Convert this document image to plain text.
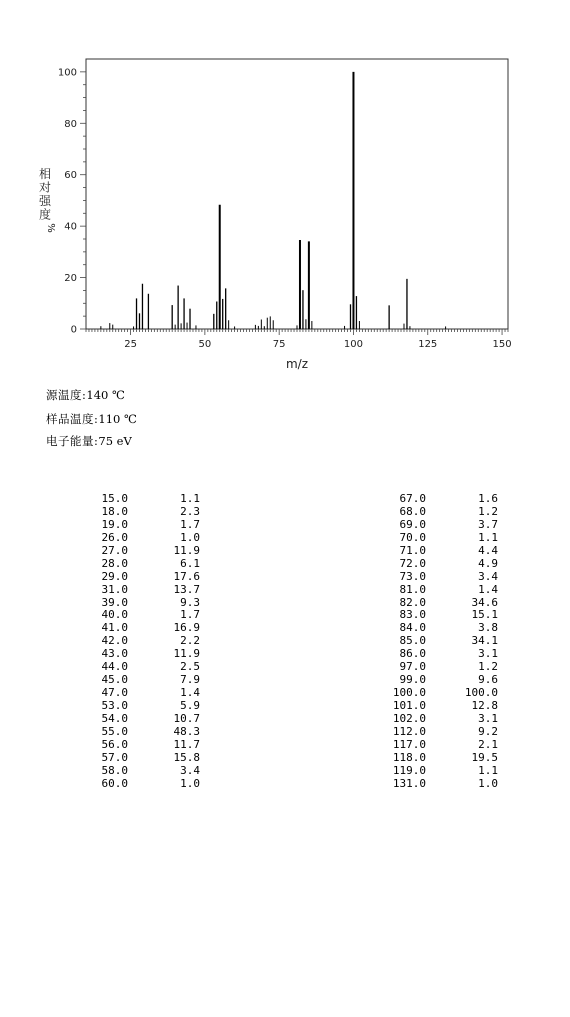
25	50	75	100	125	150
0
20
40
60
80
100
m/z
相
对
强
度
%
源温度:140 ℃
样品温度:110 ℃
电子能量:75 eV
15.0	1.1
18.0	2.3
19.0	1.7
26.0	1.0
27.0	11.9
28.0	6.1
29.0	17.6
31.0	13.7
39.0	9.3
40.0	1.7
41.0	16.9
42.0	2.2
43.0	11.9
44.0	2.5
45.0	7.9
47.0	1.4
53.0	5.9
54.0	10.7
55.0	48.3
56.0	11.7
57.0	15.8
58.0	3.4
60.0	1.0
67.0	1.6
68.0	1.2
69.0	3.7
70.0	1.1
71.0	4.4
72.0	4.9
73.0	3.4
81.0	1.4
82.0	34.6
83.0	15.1
84.0	3.8
85.0	34.1
86.0	3.1
97.0	1.2
99.0	9.6
100.0	100.0
101.0	12.8
102.0	3.1
112.0	9.2
117.0	2.1
118.0	19.5
119.0	1.1
131.0	1.0
